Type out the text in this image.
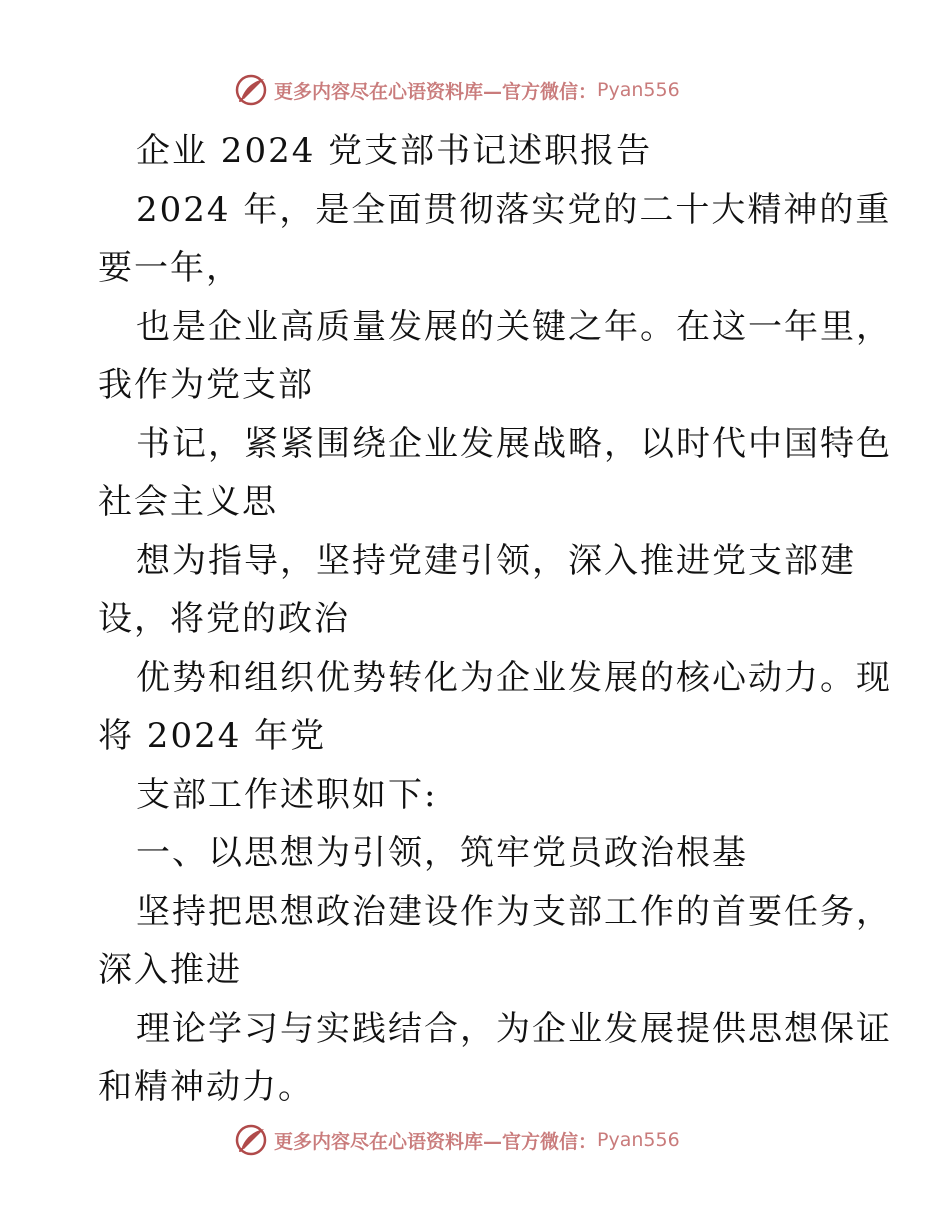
更多内容尽在心语资料库—官方微信： Pyan556
企业 2024 党支部书记述职报告
2024 年，是全面贯彻落实党的二十大精神的重
要一年，
也是企业高质量发展的关键之年。在这一年里，
我作为党支部
书记，紧紧围绕企业发展战略，以时代中国特色
社会主义思
想为指导，坚持党建引领，深入推进党支部建
设，将党的政治
优势和组织优势转化为企业发展的核心动力。现
将 2024 年党
支部工作述职如下:
一、以思想为引领，筑牢党员政治根基
坚持把思想政治建设作为支部工作的首要任务，
深入推进
理论学习与实践结合，为企业发展提供思想保证
和精神动力。
更多内容尽在心语资料库—官方微信： Pyan556
